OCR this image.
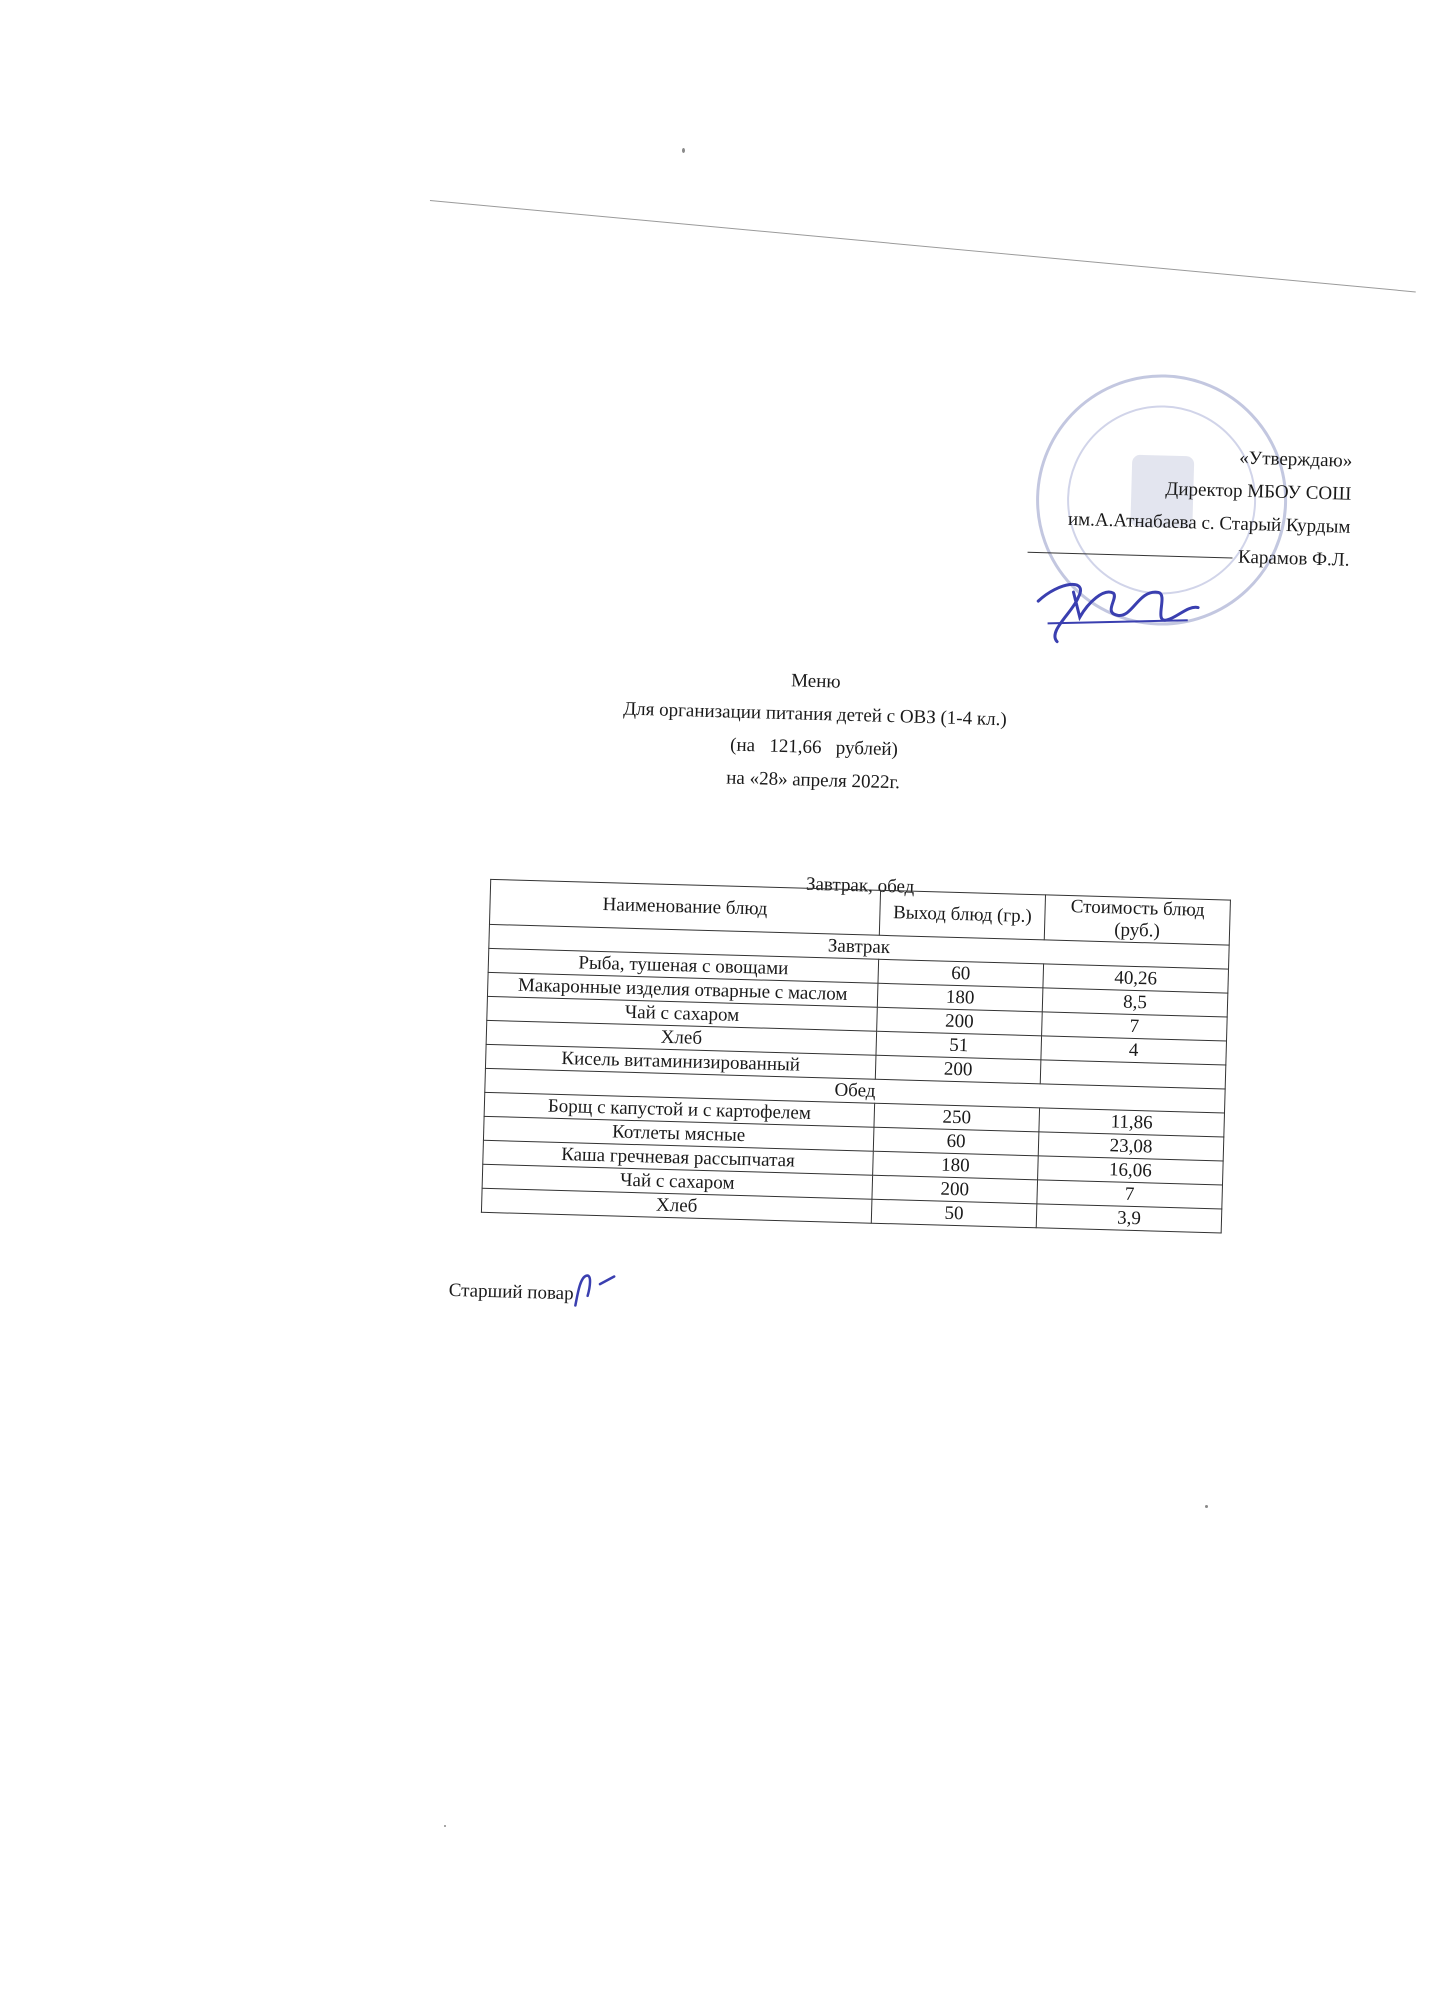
«Утверждаю»
Директор МБОУ СОШ
им.А.Атнабаева с. Старый Курдым
Карамов Ф.Л.
Меню
Для организации питания детей с ОВЗ (1-4 кл.)
(на   121,66   рублей)
на «28» апреля 2022г.
Завтрак, обед
Наименование блюд	Выход блюд (гр.)	Стоимость блюд (руб.)
Завтрак		
Рыба, тушеная с овощами	60	40,26
Макаронные изделия отварные с маслом	180	8,5
Чай с сахаром	200	7
Хлеб	51	4
Кисель витаминизированный	200	
Обед		
Борщ с капустой и с картофелем	250	11,86
Котлеты мясные	60	23,08
Каша гречневая рассыпчатая	180	16,06
Чай с сахаром	200	7
Хлеб	50	3,9
Старший повар
